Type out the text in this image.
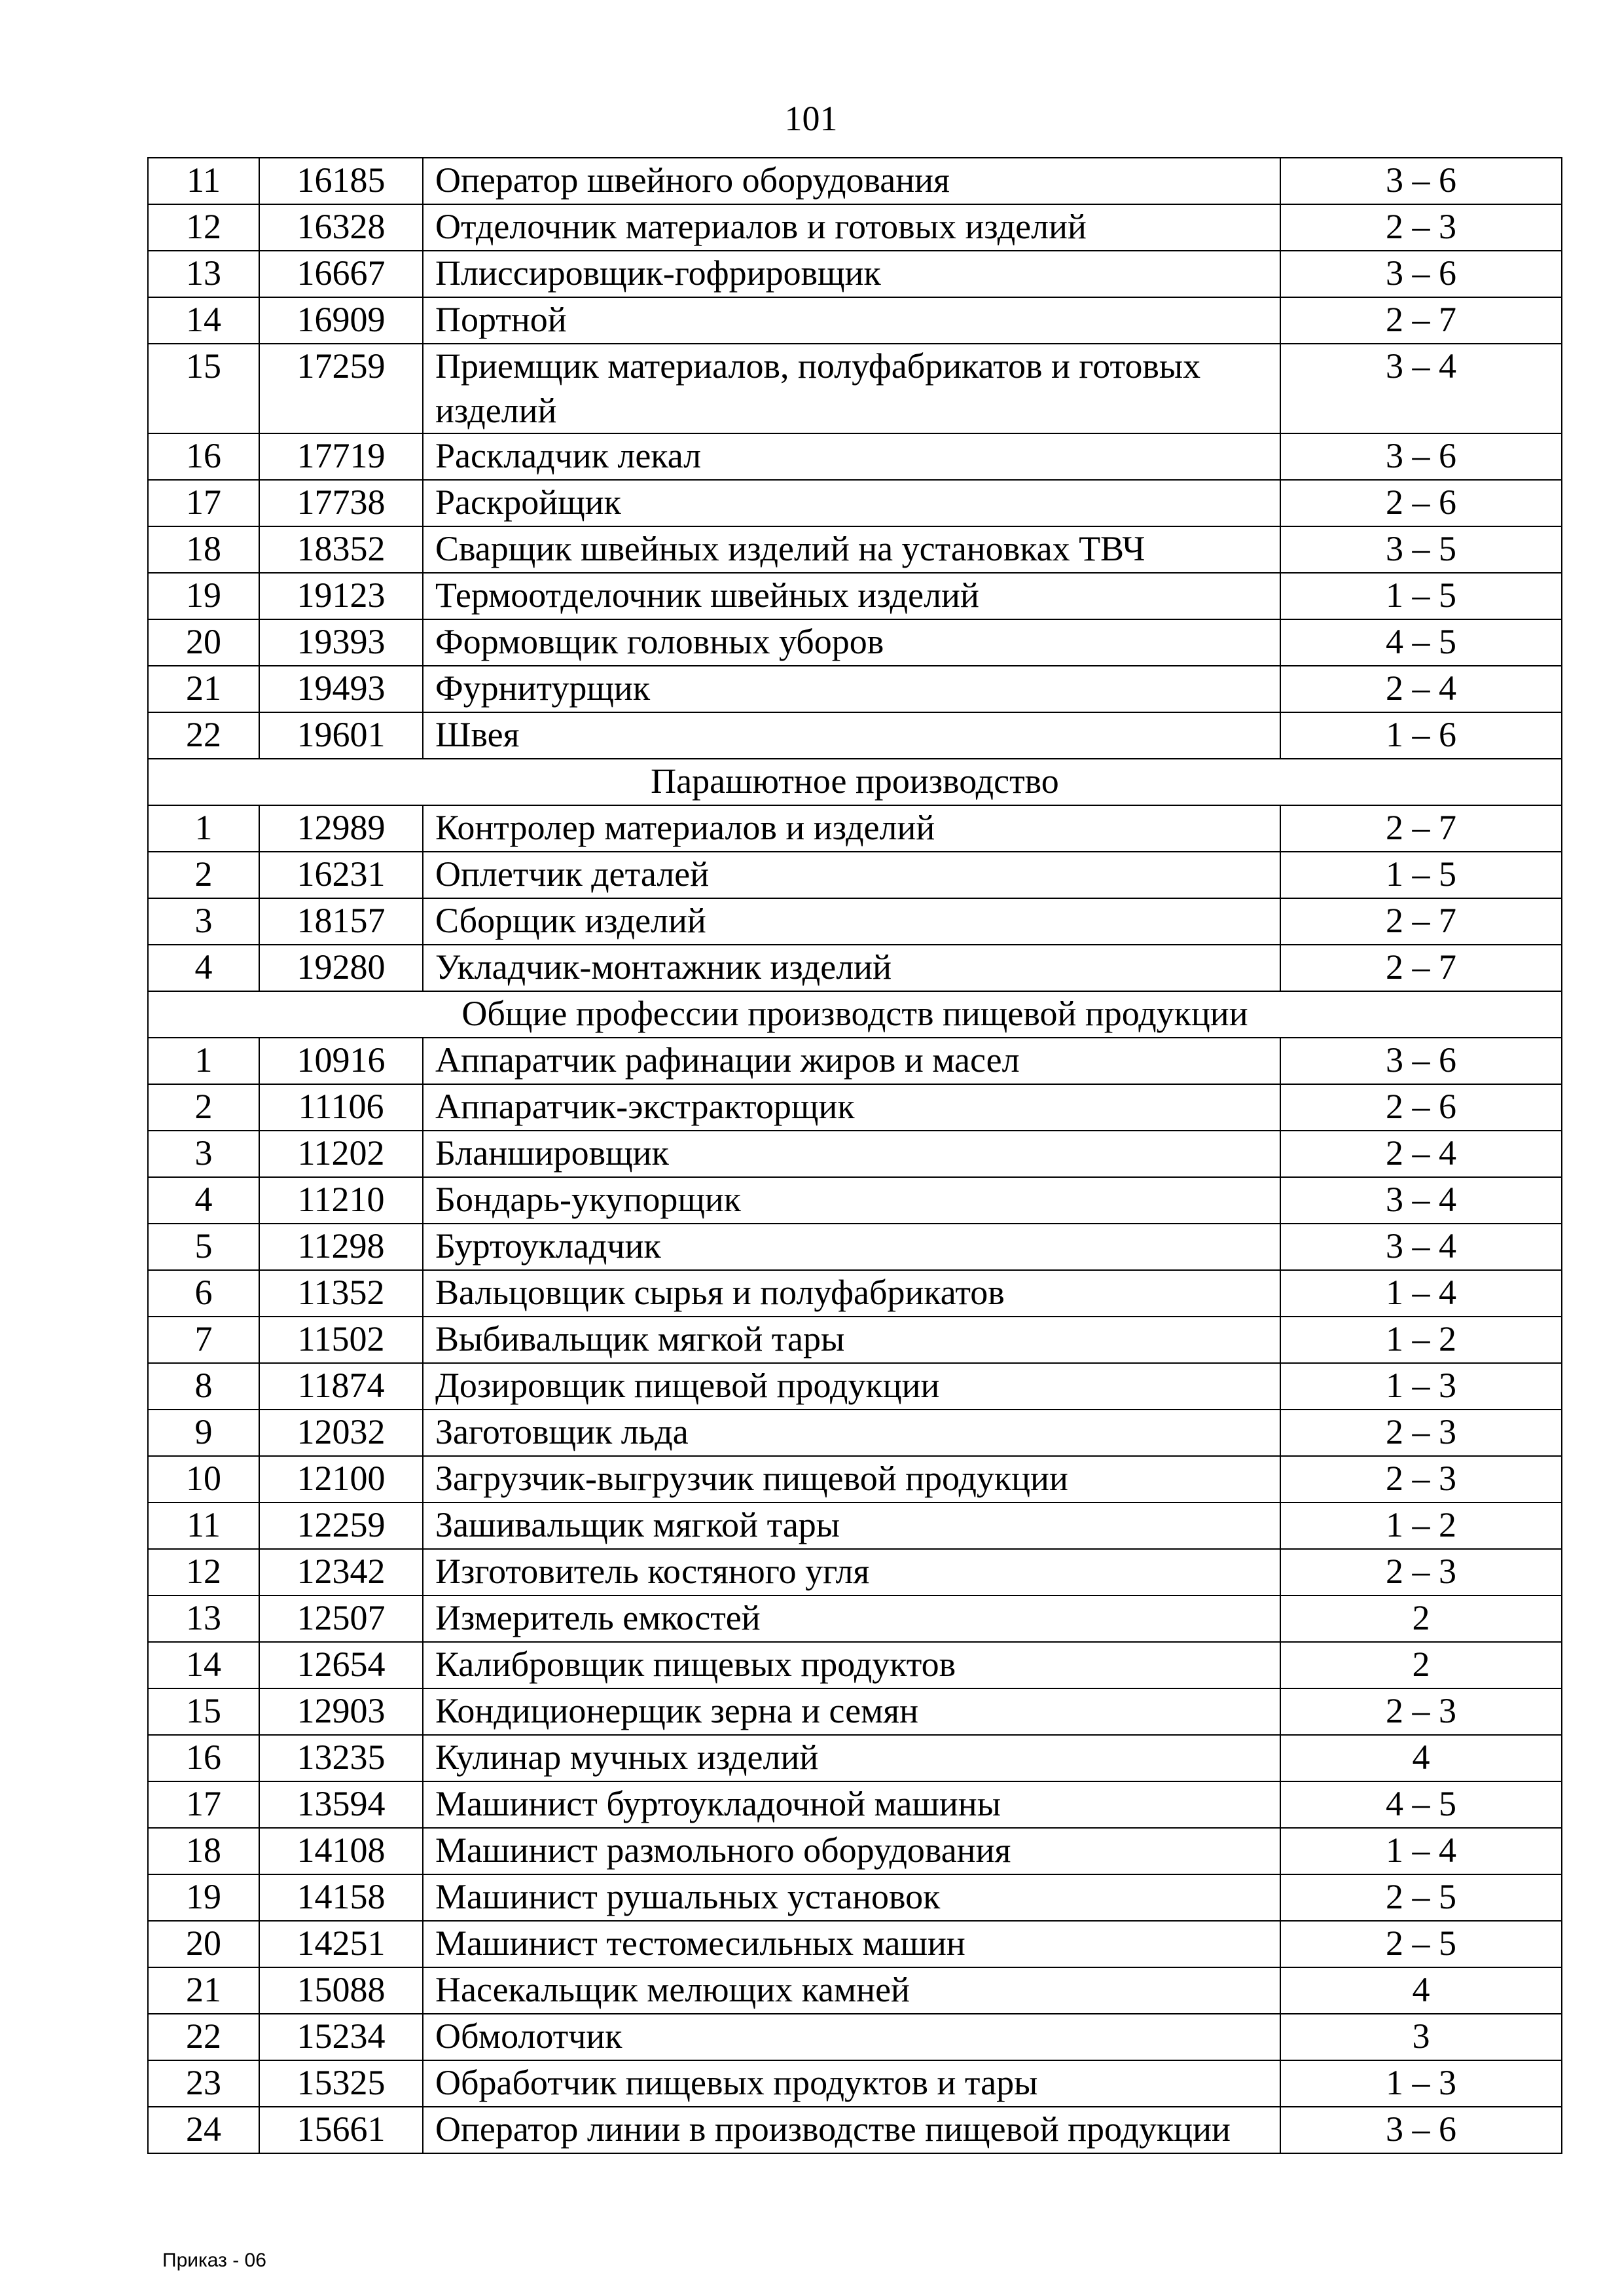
101
11	16185	Оператор швейного оборудования	3 – 6
12	16328	Отделочник материалов и готовых изделий	2 – 3
13	16667	Плиссировщик-гофрировщик	3 – 6
14	16909	Портной	2 – 7
15	17259	Приемщик материалов, полуфабрикатов и готовых изделий	3 – 4
16	17719	Раскладчик лекал	3 – 6
17	17738	Раскройщик	2 – 6
18	18352	Сварщик швейных изделий на установках ТВЧ	3 – 5
19	19123	Термоотделочник швейных изделий	1 – 5
20	19393	Формовщик головных уборов	4 – 5
21	19493	Фурнитурщик	2 – 4
22	19601	Швея	1 – 6
Парашютное производство			
1	12989	Контролер материалов и изделий	2 – 7
2	16231	Оплетчик деталей	1 – 5
3	18157	Сборщик изделий	2 – 7
4	19280	Укладчик-монтажник изделий	2 – 7
Общие профессии производств пищевой продукции			
1	10916	Аппаратчик рафинации жиров и масел	3 – 6
2	11106	Аппаратчик-экстракторщик	2 – 6
3	11202	Бланшировщик	2 – 4
4	11210	Бондарь-укупорщик	3 – 4
5	11298	Буртоукладчик	3 – 4
6	11352	Вальцовщик сырья и полуфабрикатов	1 – 4
7	11502	Выбивальщик мягкой тары	1 – 2
8	11874	Дозировщик пищевой продукции	1 – 3
9	12032	Заготовщик льда	2 – 3
10	12100	Загрузчик-выгрузчик пищевой продукции	2 – 3
11	12259	Зашивальщик мягкой тары	1 – 2
12	12342	Изготовитель костяного угля	2 – 3
13	12507	Измеритель емкостей	2
14	12654	Калибровщик пищевых продуктов	2
15	12903	Кондиционерщик зерна и семян	2 – 3
16	13235	Кулинар мучных изделий	4
17	13594	Машинист буртоукладочной машины	4 – 5
18	14108	Машинист размольного оборудования	1 – 4
19	14158	Машинист рушальных установок	2 – 5
20	14251	Машинист тестомесильных машин	2 – 5
21	15088	Насекальщик мелющих камней	4
22	15234	Обмолотчик	3
23	15325	Обработчик пищевых продуктов и тары	1 – 3
24	15661	Оператор линии в производстве пищевой продукции	3 – 6
Приказ - 06
